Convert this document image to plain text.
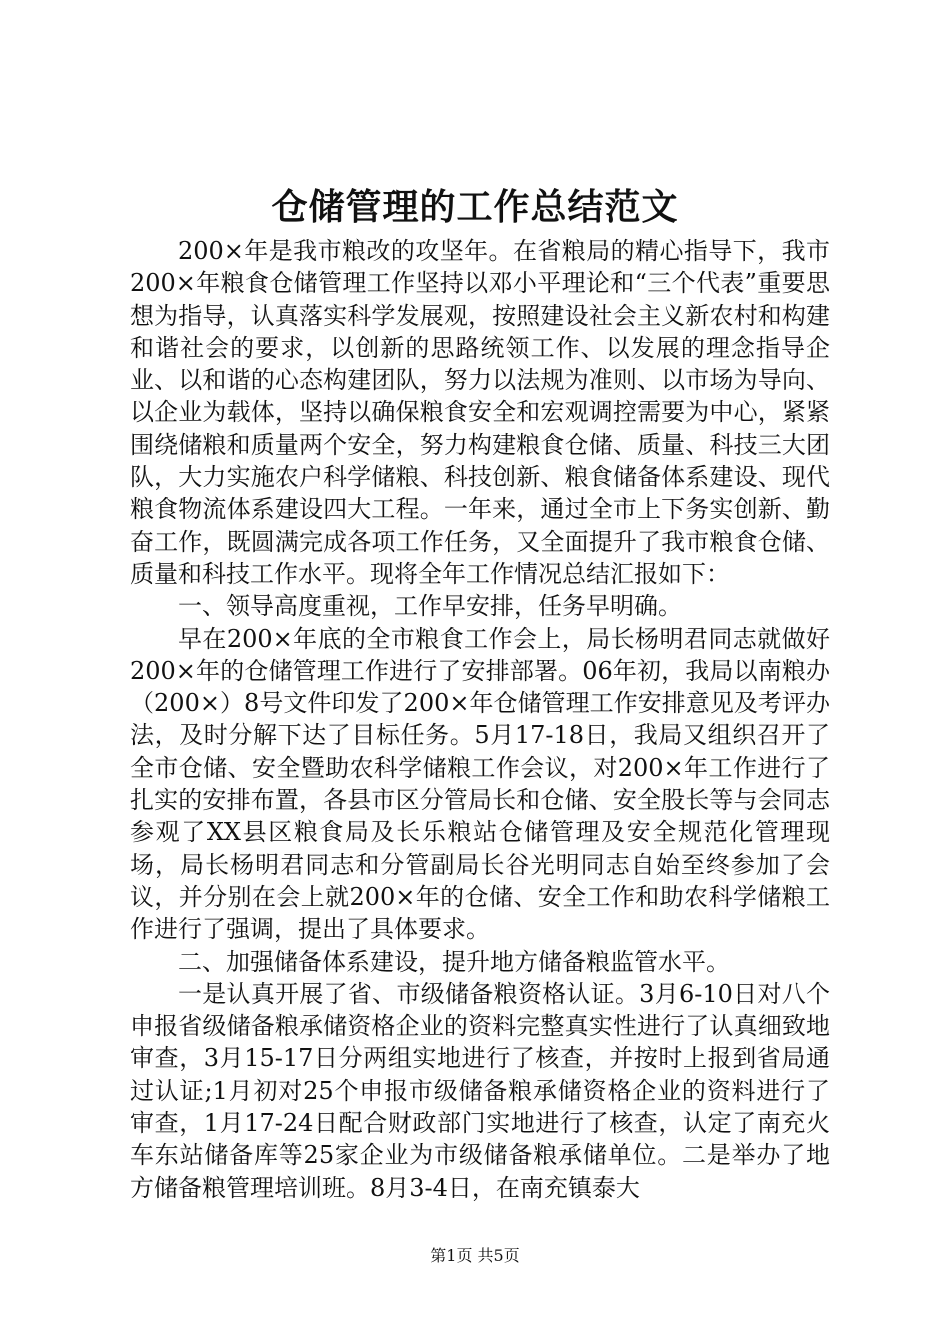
仓储管理的工作总结范文

200×年是我市粮改的攻坚年。在省粮局的精心指导下，我市200×年粮食仓储管理工作坚持以邓小平理论和“三个代表”重要思想为指导，认真落实科学发展观，按照建设社会主义新农村和构建和谐社会的要求，以创新的思路统领工作、以发展的理念指导企业、以和谐的心态构建团队，努力以法规为准则、以市场为导向、以企业为载体，坚持以确保粮食安全和宏观调控需要为中心，紧紧围绕储粮和质量两个安全，努力构建粮食仓储、质量、科技三大团队，大力实施农户科学储粮、科技创新、粮食储备体系建设、现代粮食物流体系建设四大工程。一年来，通过全市上下务实创新、勤奋工作，既圆满完成各项工作任务，又全面提升了我市粮食仓储、质量和科技工作水平。现将全年工作情况总结汇报如下：

一、领导高度重视，工作早安排，任务早明确。

早在200×年底的全市粮食工作会上，局长杨明君同志就做好200×年的仓储管理工作进行了安排部署。06年初，我局以南粮办（200×）8号文件印发了200×年仓储管理工作安排意见及考评办法，及时分解下达了目标任务。5月17-18日，我局又组织召开了全市仓储、安全暨助农科学储粮工作会议，对200×年工作进行了扎实的安排布置，各县市区分管局长和仓储、安全股长等与会同志参观了XX县区粮食局及长乐粮站仓储管理及安全规范化管理现场，局长杨明君同志和分管副局长谷光明同志自始至终参加了会议，并分别在会上就200×年的仓储、安全工作和助农科学储粮工作进行了强调，提出了具体要求。

二、加强储备体系建设，提升地方储备粮监管水平。

一是认真开展了省、市级储备粮资格认证。3月6-10日对八个申报省级储备粮承储资格企业的资料完整真实性进行了认真细致地审查，3月15-17日分两组实地进行了核查，并按时上报到省局通过认证;1月初对25个申报市级储备粮承储资格企业的资料进行了审查，1月17-24日配合财政部门实地进行了核查，认定了南充火车东站储备库等25家企业为市级储备粮承储单位。二是举办了地方储备粮管理培训班。8月3-4日，在南充镇泰大

第1页 共5页
